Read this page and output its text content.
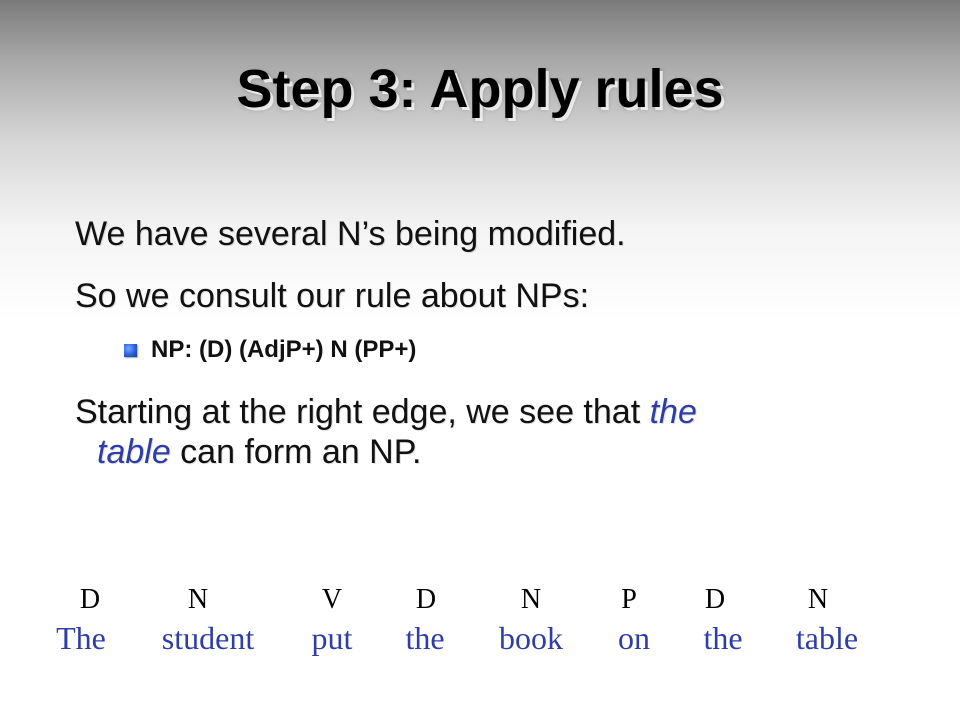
Step 3: Apply rules
We have several N’s being modified.
So we consult our rule about NPs:
NP: (D) (AdjP+) N (PP+)
Starting at the right edge, we see that the
table can form an NP.
D	N	V	D	N	P D	N
The student put the book on the table
